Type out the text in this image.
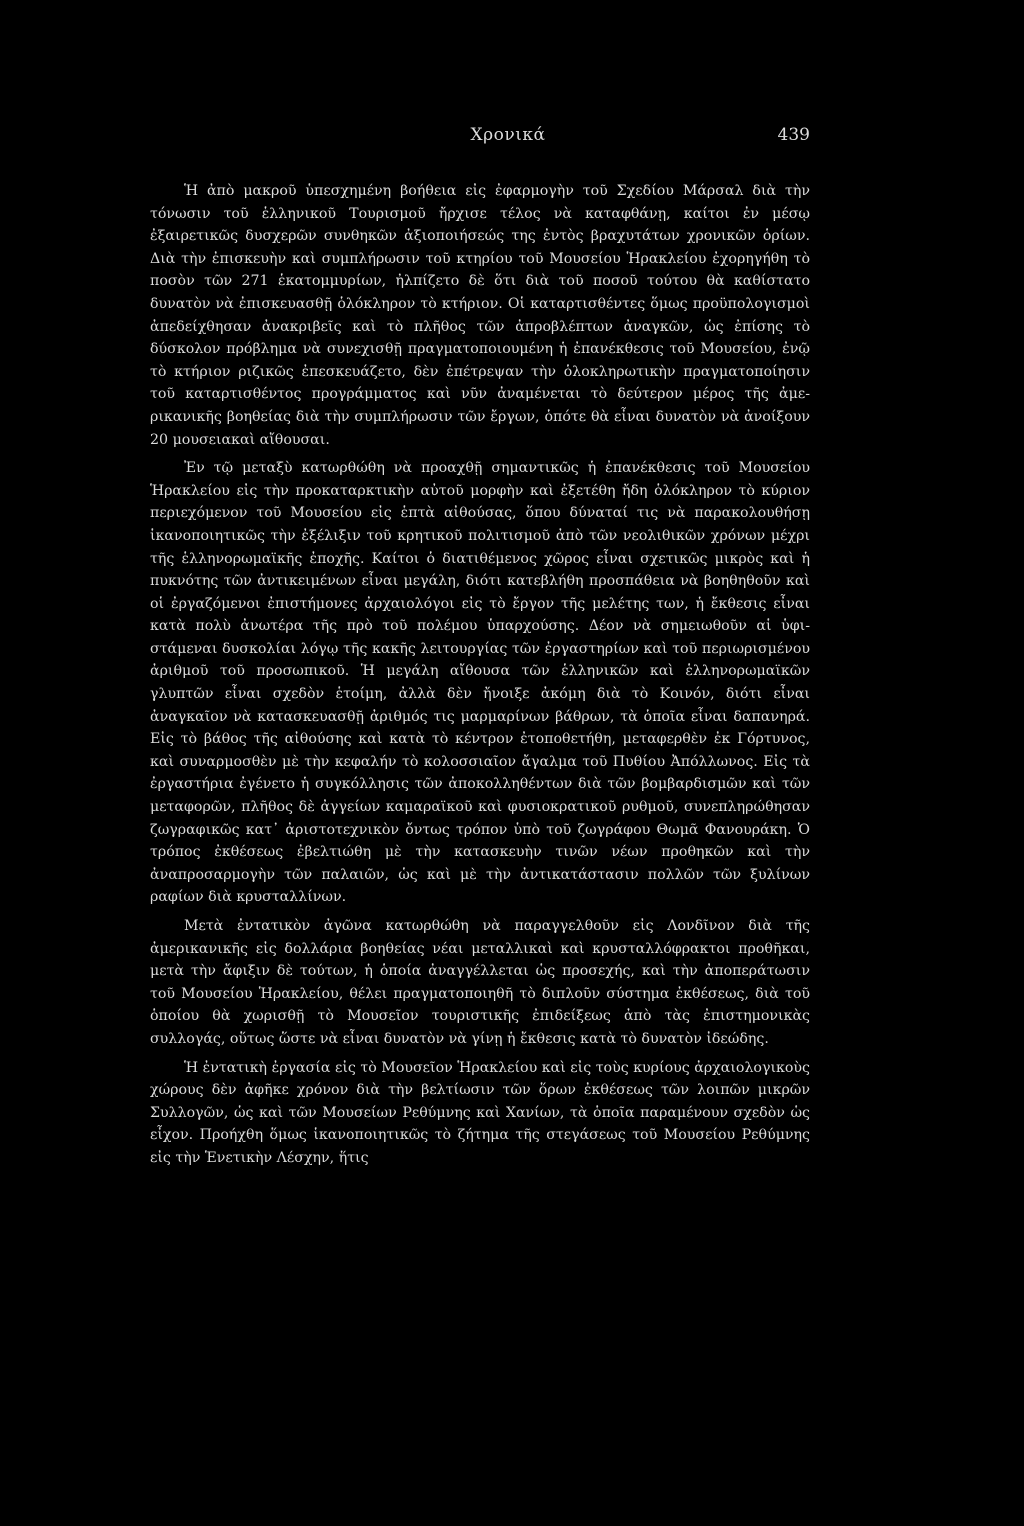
Χρονικά	439

Ἡ ἀπὸ μακροῦ ὑπεσχημένη βοήθεια εἰς ἐφαρμογὴν τοῦ Σχεδίου Μάρσαλ διὰ τὴν τόνωσιν τοῦ ἑλληνικοῦ Τουρισμοῦ ἤρχισε τέλος νὰ καταφθάνῃ, καίτοι ἐν μέσῳ ἐξαιρετικῶς δυσχερῶν συνθηκῶν ἀξιοποιήσεώς της ἐντὸς βραχυτάτων χρονικῶν ὁρίων. Διὰ τὴν ἐπισκευὴν καὶ συμπλήρωσιν τοῦ κτηρίου τοῦ Μουσείου Ἡρακλείου ἐχορηγήθη τὸ ποσὸν τῶν 271 ἑκατομμυρίων, ἠλπίζετο δὲ ὅτι διὰ τοῦ ποσοῦ τούτου θὰ καθίστατο δυνατὸν νὰ ἐπισκευασθῇ ὁλόκληρον τὸ κτήριον. Οἱ καταρτισθέντες ὅμως προϋπολογισμοὶ ἀπεδείχθησαν ἀνακριβεῖς καὶ τὸ πλῆθος τῶν ἀπροβλέπτων ἀναγκῶν, ὡς ἐπίσης τὸ δύσκολον πρόβλημα νὰ συνεχισθῇ πραγματοποιουμένη ἡ ἐπανέκθεσις τοῦ Μουσείου, ἐνῷ τὸ κτήριον ριζικῶς ἐπεσκευάζετο, δὲν ἐπέτρεψαν τὴν ὁλοκληρωτικὴν πραγματοποίησιν τοῦ καταρτισθέντος προγράμματος καὶ νῦν ἀναμένεται τὸ δεύτερον μέρος τῆς ἀμερικανικῆς βοηθείας διὰ τὴν συμπλήρωσιν τῶν ἔργων, ὁπότε θὰ εἶναι δυνατὸν νὰ ἀνοίξουν 20 μουσειακαὶ αἴθουσαι.

Ἐν τῷ μεταξὺ κατωρθώθη νὰ προαχθῇ σημαντικῶς ἡ ἐπανέκθεσις τοῦ Μουσείου Ἡρακλείου εἰς τὴν προκαταρκτικὴν αὐτοῦ μορφὴν καὶ ἐξετέθη ἤδη ὁλόκληρον τὸ κύριον περιεχόμενον τοῦ Μουσείου εἰς ἑπτὰ αἰθούσας, ὅπου δύναταί τις νὰ παρακολουθήσῃ ἱκανοποιητικῶς τὴν ἐξέλιξιν τοῦ κρητικοῦ πολιτισμοῦ ἀπὸ τῶν νεολιθικῶν χρόνων μέχρι τῆς ἑλληνορωμαϊκῆς ἐποχῆς. Καίτοι ὁ διατιθέμενος χῶρος εἶναι σχετικῶς μικρὸς καὶ ἡ πυκνότης τῶν ἀντικειμένων εἶναι μεγάλη, διότι κατεβλήθη προσπάθεια νὰ βοηθηθοῦν καὶ οἱ ἐργαζόμενοι ἐπιστήμονες ἀρχαιολόγοι εἰς τὸ ἔργον τῆς μελέτης των, ἡ ἔκθεσις εἶναι κατὰ πολὺ ἀνωτέρα τῆς πρὸ τοῦ πολέμου ὑπαρχούσης. Δέον νὰ σημειωθοῦν αἱ ὑφιστάμεναι δυσκολίαι λόγῳ τῆς κακῆς λειτουργίας τῶν ἐργαστηρίων καὶ τοῦ περιωρισμένου ἀριθμοῦ τοῦ προσωπικοῦ. Ἡ μεγάλη αἴθουσα τῶν ἑλληνικῶν καὶ ἑλληνορωμαϊκῶν γλυπτῶν εἶναι σχεδὸν ἑτοίμη, ἀλλὰ δὲν ἤνοιξε ἀκόμη διὰ τὸ Κοινόν, διότι εἶναι ἀναγκαῖον νὰ κατασκευασθῇ ἀριθμός τις μαρμαρίνων βάθρων, τὰ ὁποῖα εἶναι δαπανηρά. Εἰς τὸ βάθος τῆς αἰθούσης καὶ κατὰ τὸ κέντρον ἐτοποθετήθη, μεταφερθὲν ἐκ Γόρτυνος, καὶ συναρμοσθὲν μὲ τὴν κεφαλήν τὸ κολοσσιαῖον ἄγαλμα τοῦ Πυθίου Ἀπόλλωνος. Εἰς τὰ ἐργαστήρια ἐγένετο ἡ συγκόλλησις τῶν ἀποκολληθέντων διὰ τῶν βομβαρδισμῶν καὶ τῶν μεταφορῶν, πλῆθος δὲ ἀγγείων καμαραϊκοῦ καὶ φυσιοκρατικοῦ ρυθμοῦ, συνεπληρώθησαν ζωγραφικῶς κατ᾽ ἀριστοτεχνικὸν ὄντως τρόπον ὑπὸ τοῦ ζωγράφου Θωμᾶ Φανουράκη. Ὁ τρόπος ἐκθέσεως ἐβελτιώθη μὲ τὴν κατασκευὴν τινῶν νέων προθηκῶν καὶ τὴν ἀναπροσαρμογὴν τῶν παλαιῶν, ὡς καὶ μὲ τὴν ἀντικατάστασιν πολλῶν τῶν ξυλίνων ραφίων διὰ κρυσταλλίνων.

Μετὰ ἐντατικὸν ἀγῶνα κατωρθώθη νὰ παραγγελθοῦν εἰς Λονδῖνον διὰ τῆς ἀμερικανικῆς εἰς δολλάρια βοηθείας νέαι μεταλλικαὶ καὶ κρυσταλλόφρακτοι προθῆκαι, μετὰ τὴν ἄφιξιν δὲ τούτων, ἡ ὁποία ἀναγγέλλεται ὡς προσεχής, καὶ τὴν ἀποπεράτωσιν τοῦ Μουσείου Ἡρακλείου, θέλει πραγματοποιηθῆ τὸ διπλοῦν σύστημα ἐκθέσεως, διὰ τοῦ ὁποίου θὰ χωρισθῇ τὸ Μουσεῖον τουριστικῆς ἐπιδείξεως ἀπὸ τὰς ἐπιστημονικὰς συλλογάς, οὕτως ὥστε νὰ εἶναι δυνατὸν νὰ γίνῃ ἡ ἔκθεσις κατὰ τὸ δυνατὸν ἰδεώδης.

Ἡ ἐντατικὴ ἐργασία εἰς τὸ Μουσεῖον Ἡρακλείου καὶ εἰς τοὺς κυρίους ἀρχαιολογικοὺς χώρους δὲν ἀφῆκε χρόνον διὰ τὴν βελτίωσιν τῶν ὅρων ἐκθέσεως τῶν λοιπῶν μικρῶν Συλλογῶν, ὡς καὶ τῶν Μουσείων Ρεθύμνης καὶ Χανίων, τὰ ὁποῖα παραμένουν σχεδὸν ὡς εἶχον. Προήχθη ὅμως ἱκανοποιητικῶς τὸ ζήτημα τῆς στεγάσεως τοῦ Μουσείου Ρεθύμνης εἰς τὴν Ἑνετικὴν Λέσχην, ἥτις
